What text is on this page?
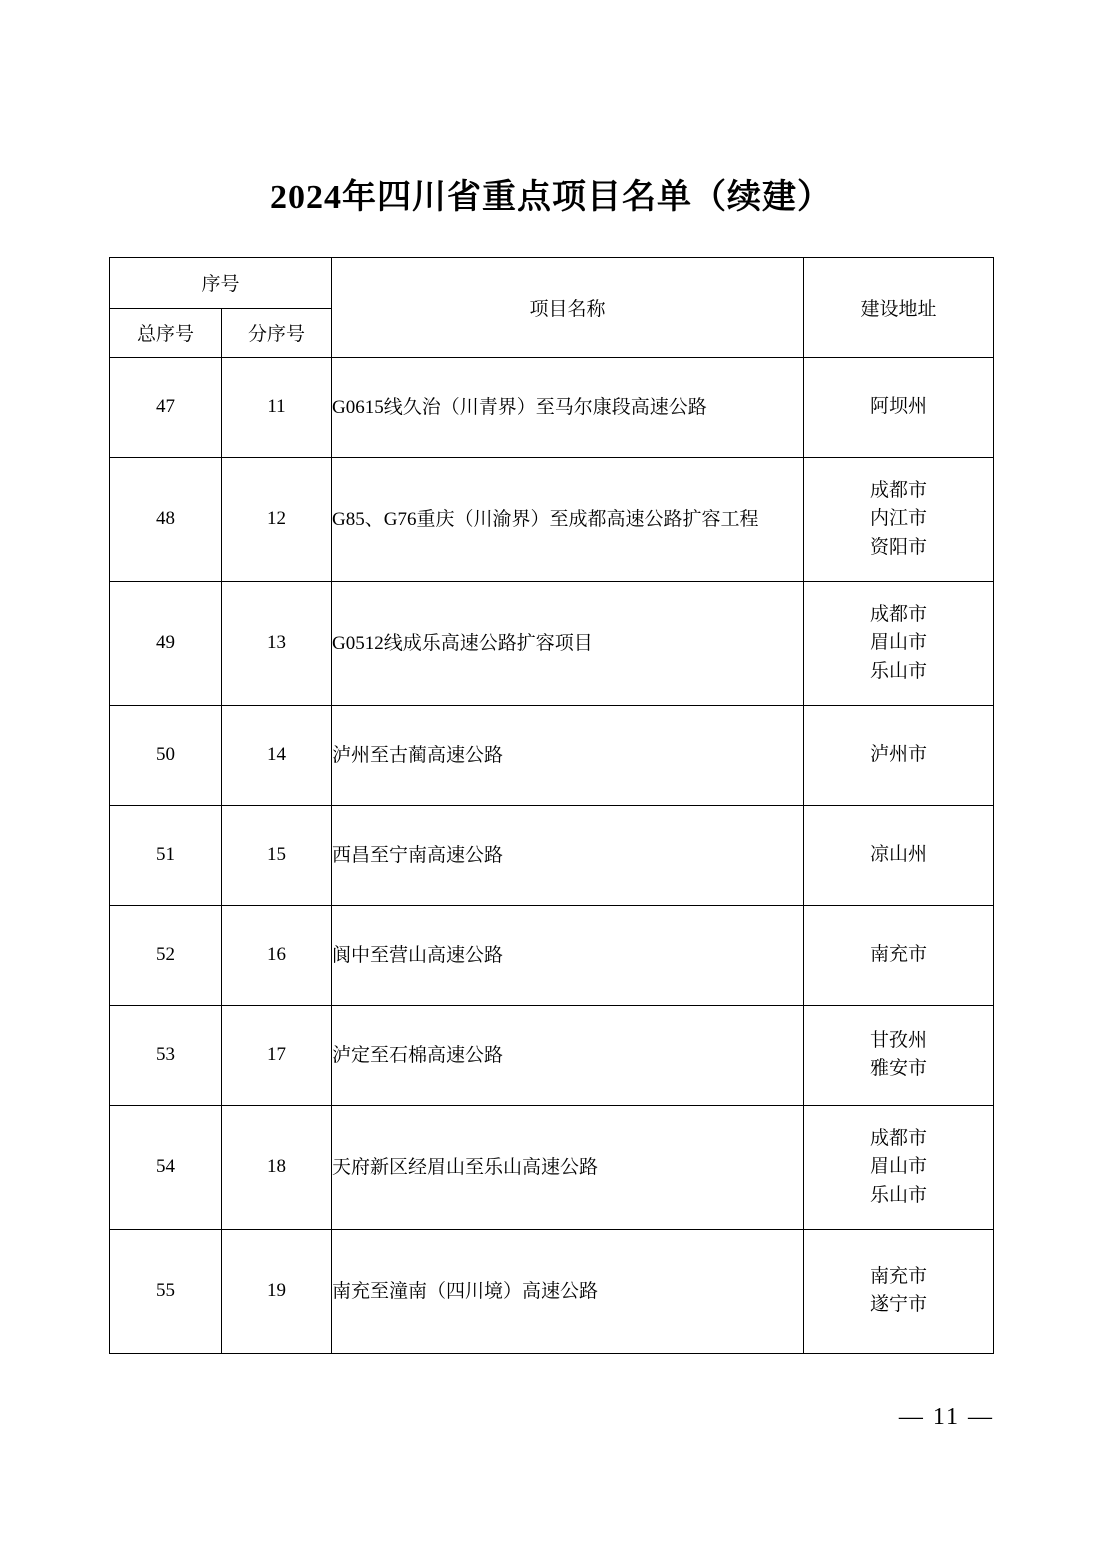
2024年四川省重点项目名单（续建）
序号		项目名称	建设地址
总序号	分序号		
47	11	G0615线久治（川青界）至马尔康段高速公路	阿坝州

48	12	G85、G76重庆（川渝界）至成都高速公路扩容工程	成都市
内江市
资阳市

49	13	G0512线成乐高速公路扩容项目	成都市
眉山市
乐山市

50	14	泸州至古蔺高速公路	泸州市

51	15	西昌至宁南高速公路	凉山州

52	16	阆中至营山高速公路	南充市

53	17	泸定至石棉高速公路	甘孜州
雅安市

54	18	天府新区经眉山至乐山高速公路	成都市
眉山市
乐山市

55	19	南充至潼南（四川境）高速公路	南充市
遂宁市
— 11 —
